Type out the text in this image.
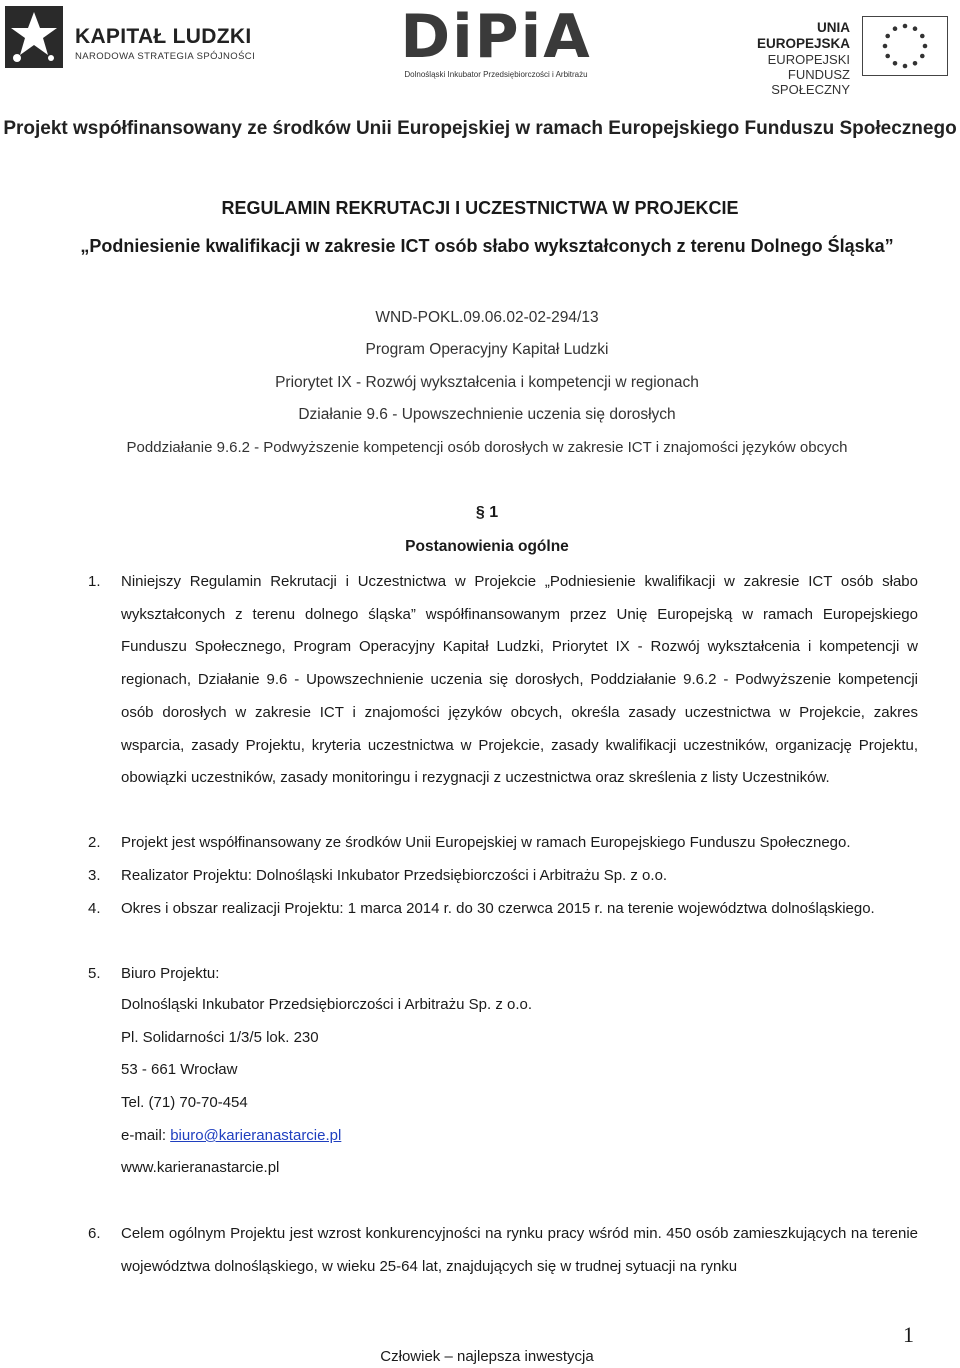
KAPITAŁ LUDZKI
NARODOWA STRATEGIA SPÓJNOŚCI DiPiA
Dolnośląski Inkubator Przedsiębiorczości i Arbitrażu
UNIA EUROPEJSKA
EUROPEJSKI
FUNDUSZ SPOŁECZNY
Projekt współfinansowany ze środków Unii Europejskiej w ramach Europejskiego Funduszu Społecznego
REGULAMIN REKRUTACJI I UCZESTNICTWA W PROJEKCIE
„Podniesienie kwalifikacji w zakresie ICT osób słabo wykształconych z terenu Dolnego Śląska”
WND-POKL.09.06.02-02-294/13
Program Operacyjny Kapitał Ludzki
Priorytet IX - Rozwój wykształcenia i kompetencji w regionach
Działanie 9.6 - Upowszechnienie uczenia się dorosłych
Poddziałanie 9.6.2 - Podwyższenie kompetencji osób dorosłych w zakresie ICT i znajomości języków obcych
§ 1
Postanowienia ogólne
1.	Niniejszy Regulamin Rekrutacji i Uczestnictwa w Projekcie „Podniesienie kwalifikacji w zakresie ICT osób słabo wykształconych z terenu dolnego śląska” współfinansowanym przez Unię Europejską w ramach Europejskiego Funduszu Społecznego, Program Operacyjny Kapitał Ludzki, Priorytet IX - Rozwój wykształcenia i kompetencji w regionach, Działanie 9.6 - Upowszechnienie uczenia się dorosłych, Poddziałanie 9.6.2 - Podwyższenie kompetencji osób dorosłych w zakresie ICT i znajomości języków obcych, określa zasady uczestnictwa w Projekcie, zakres wsparcia, zasady Projektu, kryteria uczestnictwa w Projekcie, zasady kwalifikacji uczestników, organizację Projektu, obowiązki uczestników, zasady monitoringu i rezygnacji z uczestnictwa oraz skreślenia z listy Uczestników.
2.	Projekt jest współfinansowany ze środków Unii Europejskiej w ramach Europejskiego Funduszu Społecznego.
3.	Realizator Projektu: Dolnośląski Inkubator Przedsiębiorczości i Arbitrażu Sp. z o.o.
4.	Okres i obszar realizacji Projektu: 1 marca 2014 r. do 30 czerwca 2015 r. na terenie województwa dolnośląskiego.
5.	Biuro Projektu:
Dolnośląski Inkubator Przedsiębiorczości i Arbitrażu Sp. z o.o.
Pl. Solidarności 1/3/5 lok. 230
53 - 661 Wrocław
Tel. (71) 70-70-454
e-mail: biuro@karieranastarcie.pl
www.karieranastarcie.pl
6.	Celem ogólnym Projektu jest wzrost konkurencyjności na rynku pracy wśród min. 450 osób zamieszkujących na terenie województwa dolnośląskiego, w wieku 25-64 lat, znajdujących się w trudnej sytuacji na rynku
1
Człowiek – najlepsza inwestycja
